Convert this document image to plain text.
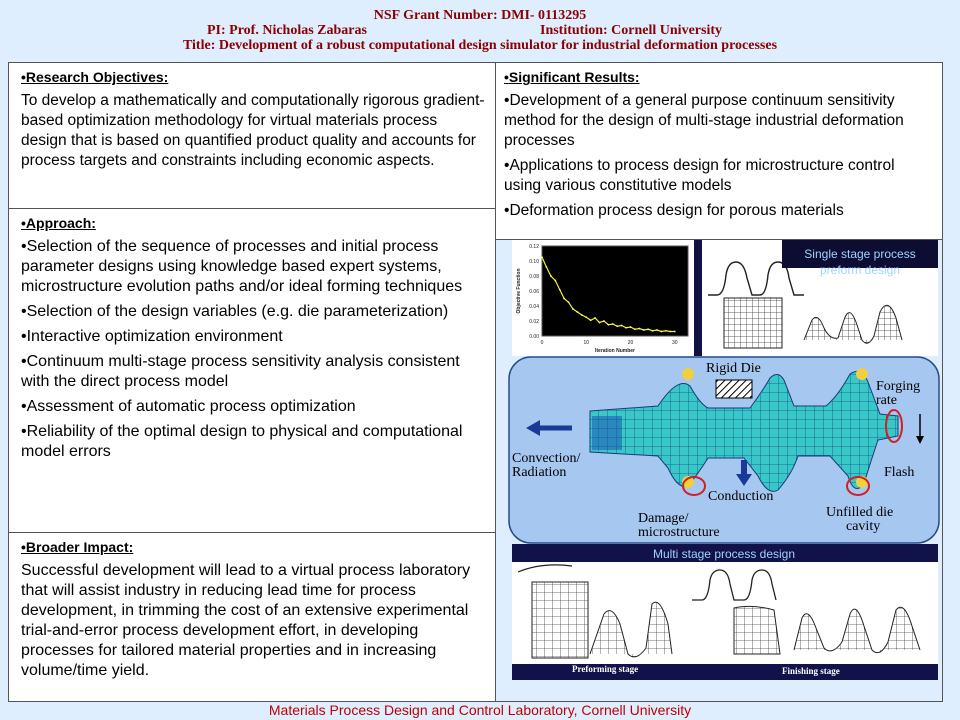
NSF Grant Number: DMI- 0113295
PI: Prof. Nicholas Zabaras	Institution: Cornell University
Title: Development of a robust computational design simulator for industrial deformation processes
• Research Objectives:

To develop a mathematically and computationally rigorous gradient-based optimization methodology for virtual materials process design that is based on quantified product quality and accounts for process targets and constraints including economic aspects.

• Approach:

• Selection of the sequence of processes and initial process parameter designs using knowledge based expert systems, microstructure evolution paths and/or ideal forming techniques

• Selection of the design variables (e.g. die parameterization)

• Interactive optimization environment

• Continuum multi-stage process sensitivity analysis consistent with the direct process model

• Assessment of automatic process optimization

• Reliability of the optimal design to physical and computational model errors

• Broader Impact:

Successful development will lead to a virtual process laboratory that will assist industry in reducing lead time for process development, in trimming the cost of an extensive experimental trial-and-error process development effort, in developing processes for tailored material properties and in increasing volume/time yield.

• Significant Results:

• Development of a general purpose continuum sensitivity method for the design of multi-stage industrial deformation processes

• Applications to process design for microstructure control using various constitutive models

• Deformation process design for porous materials

0.00
0.02
0.04
0.06
0.08
0.10
0.12
0	10	20	30
Iteration Number
Objective Function
Single stage process
preform design
Rigid Die
Forging
rate
Convection/
Radiation	Flash
Conduction
Damage/
microstructure
Unfilled die
cavity
Multi stage process design
Preforming stage	Finishing stage
Materials Process Design and Control Laboratory, Cornell University
